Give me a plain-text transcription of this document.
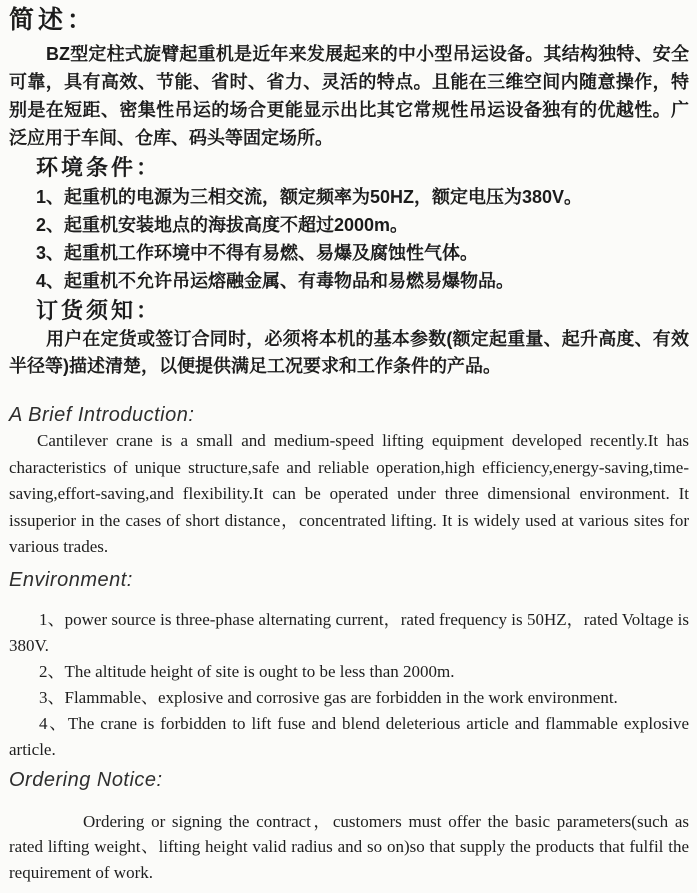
简述：

BZ型定柱式旋臂起重机是近年来发展起来的中小型吊运设备。其结构独特、安全可靠，具有高效、节能、省时、省力、灵活的特点。且能在三维空间内随意操作，特别是在短距、密集性吊运的场合更能显示出比其它常规性吊运设备独有的优越性。广泛应用于车间、仓库、码头等固定场所。

环境条件：

1、起重机的电源为三相交流，额定频率为50HZ，额定电压为380V。

2、起重机安装地点的海拔高度不超过2000m。

3、起重机工作环境中不得有易燃、易爆及腐蚀性气体。

4、起重机不允许吊运熔融金属、有毒物品和易燃易爆物品。

订货须知：

用户在定货或签订合同时，必须将本机的基本参数(额定起重量、起升高度、有效半径等)描述清楚，以便提供满足工况要求和工作条件的产品。

A Brief Introduction:

Cantilever crane is a small and medium-speed lifting equipment developed recently.It has characteristics of unique structure,safe and reliable operation,high efficiency,energy-saving,time-saving,effort-saving,and flexibility.It can be operated under three dimensional environment. It issuperior in the cases of short distance，concentrated lifting. It is widely used at various sites for various trades.

Environment:

1、power source is three-phase alternating current，rated frequency is 50HZ，rated Voltage is 380V.

2、The altitude height of site is ought to be less than 2000m.

3、Flammable、explosive and corrosive gas are forbidden in the work environment.

4、The crane is forbidden to lift fuse and blend deleterious article and flammable explosive article.

Ordering Notice:

Ordering or signing the contract，customers must offer the basic parameters(such as rated lifting weight、lifting height valid radius and so on)so that supply the products that fulfil the requirement of work.
